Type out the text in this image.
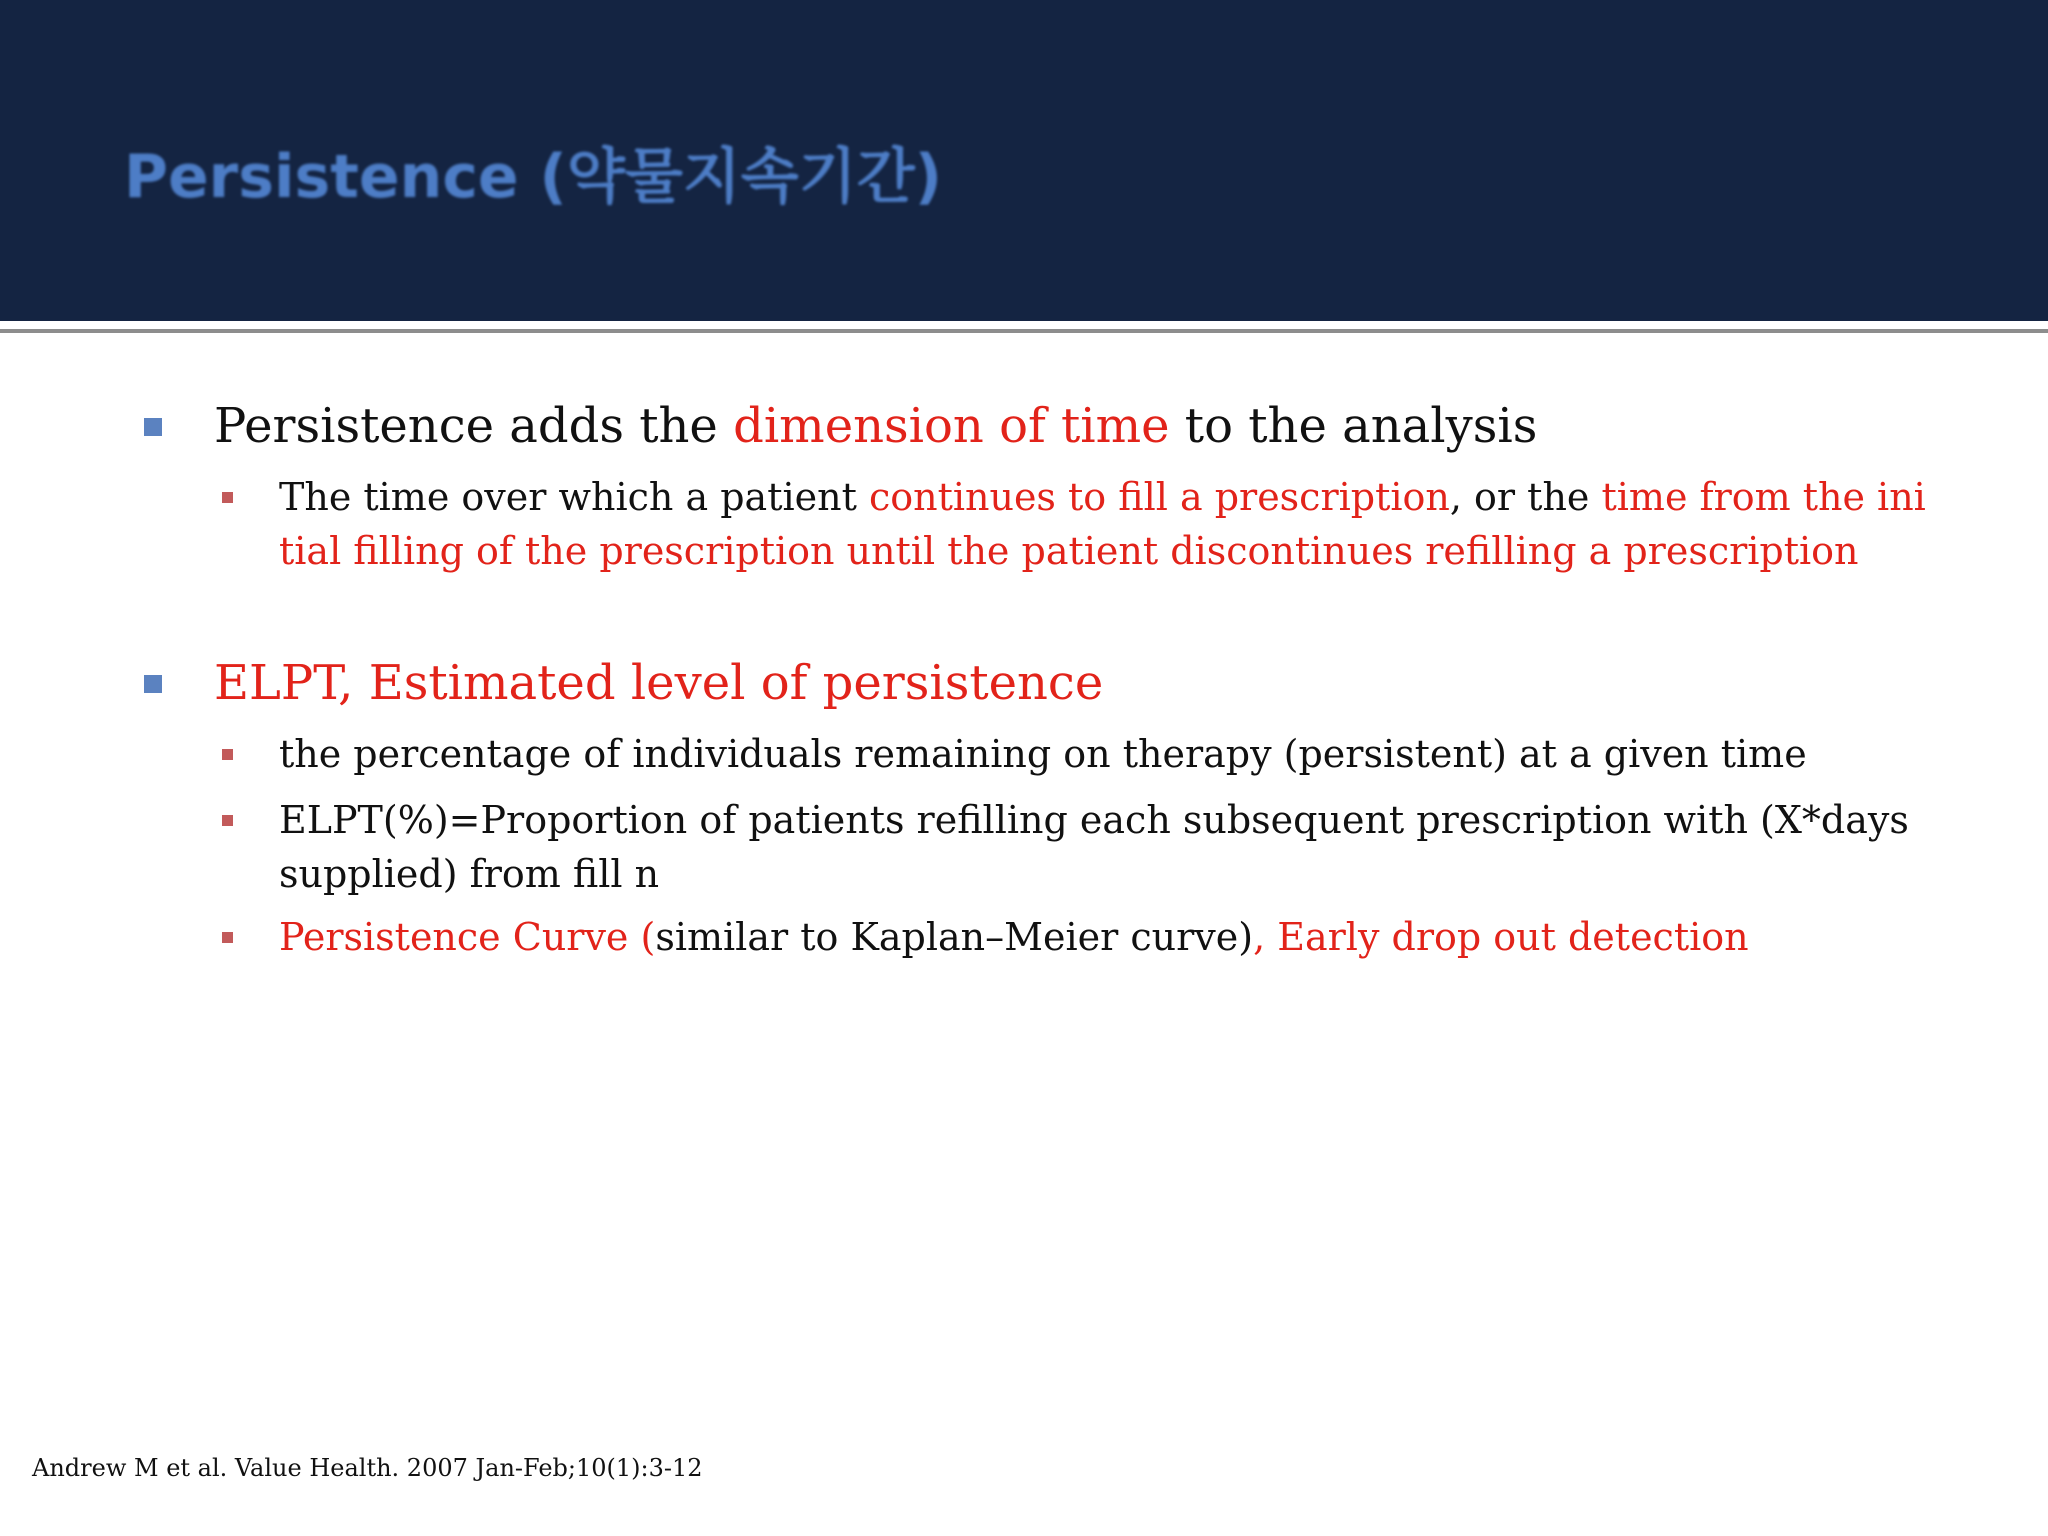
Persistence (약물지속기간)
Persistence adds the dimension of time to the analysis
The time over which a patient continues to fill a prescription, or the time from the ini
tial filling of the prescription until the patient discontinues refilling a prescription
ELPT, Estimated level of persistence
the percentage of individuals remaining on therapy (persistent) at a given time
ELPT(%)=Proportion of patients refilling each subsequent prescription with (X*days
supplied) from fill n
Persistence Curve (similar to Kaplan–Meier curve), Early drop out detection
Andrew M et al. Value Health. 2007 Jan-Feb;10(1):3-12
